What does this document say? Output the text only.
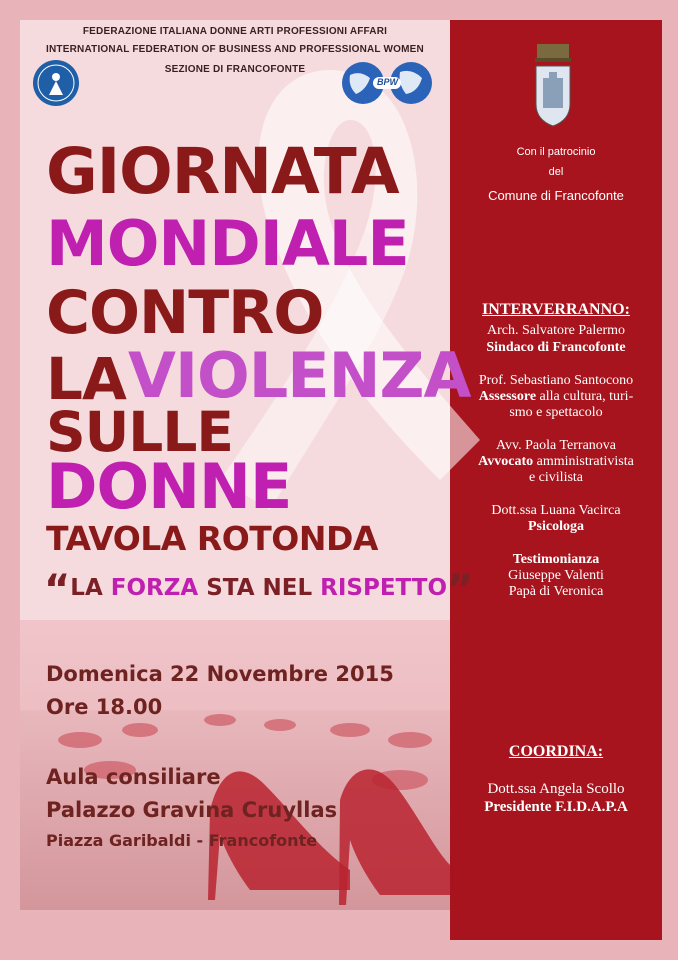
FEDERAZIONE ITALIANA DONNE ARTI PROFESSIONI AFFARI
INTERNATIONAL FEDERATION OF BUSINESS AND PROFESSIONAL WOMEN
SEZIONE DI FRANCOFONTE
BPW
GIORNATA
MONDIALE
CONTRO
LA VIOLENZA
SULLE
DONNE
TAVOLA ROTONDA
“LA FORZA STA NEL RISPETTO”
Domenica 22 Novembre 2015
Ore 18.00
Aula consiliare
Palazzo Gravina Cruyllas
Piazza Garibaldi - Francofonte
Con il patrocinio
del
Comune di Francofonte
INTERVERRANNO:
Arch. Salvatore Palermo
Sindaco di Francofonte
Prof. Sebastiano Santocono
Assessore alla cultura, turi-
smo e spettacolo
Avv. Paola Terranova
Avvocato amministrativista
e civilista
Dott.ssa Luana Vacirca
Psicologa
Testimonianza
Giuseppe Valenti
Papà di Veronica
COORDINA:
Dott.ssa Angela Scollo
Presidente F.I.D.A.P.A
